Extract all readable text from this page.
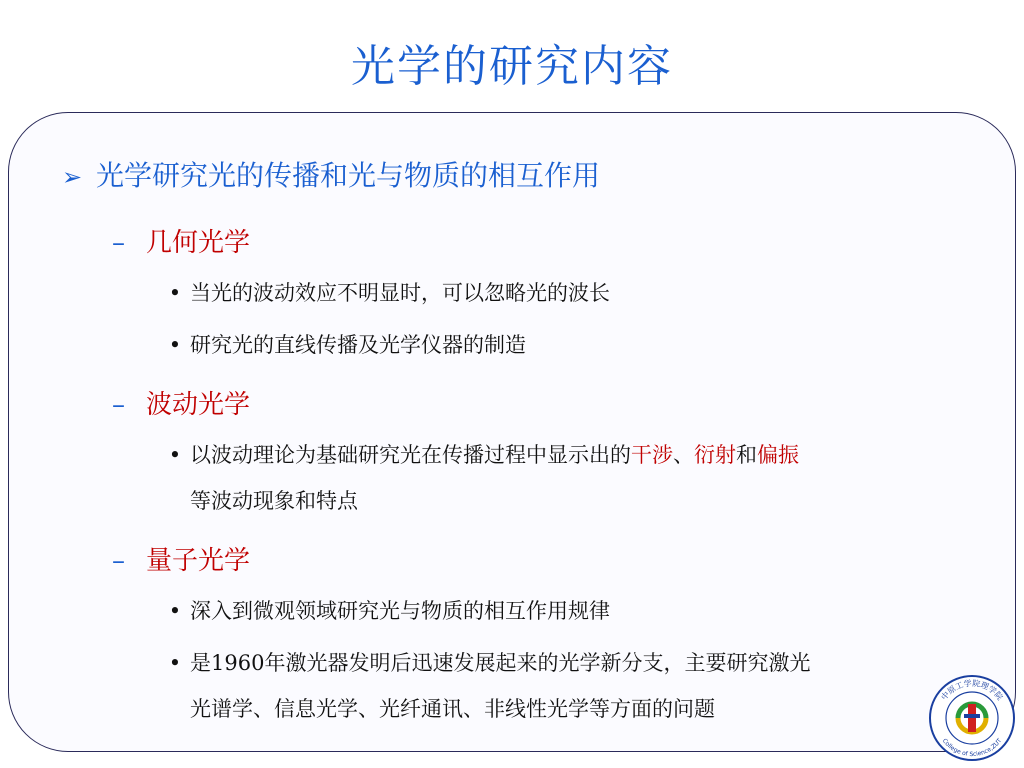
光学的研究内容
➢ 光学研究光的传播和光与物质的相互作用
– 几何光学
• 当光的波动效应不明显时，可以忽略光的波长
• 研究光的直线传播及光学仪器的制造
– 波动光学
• 以波动理论为基础研究光在传播过程中显示出的干涉、衍射和偏振
等波动现象和特点
– 量子光学
• 深入到微观领域研究光与物质的相互作用规律
• 是1960年激光器发明后迅速发展起来的光学新分支，主要研究激光
光谱学、信息光学、光纤通讯、非线性光学等方面的问题
中原工学院理学院
College of Science,ZUT
